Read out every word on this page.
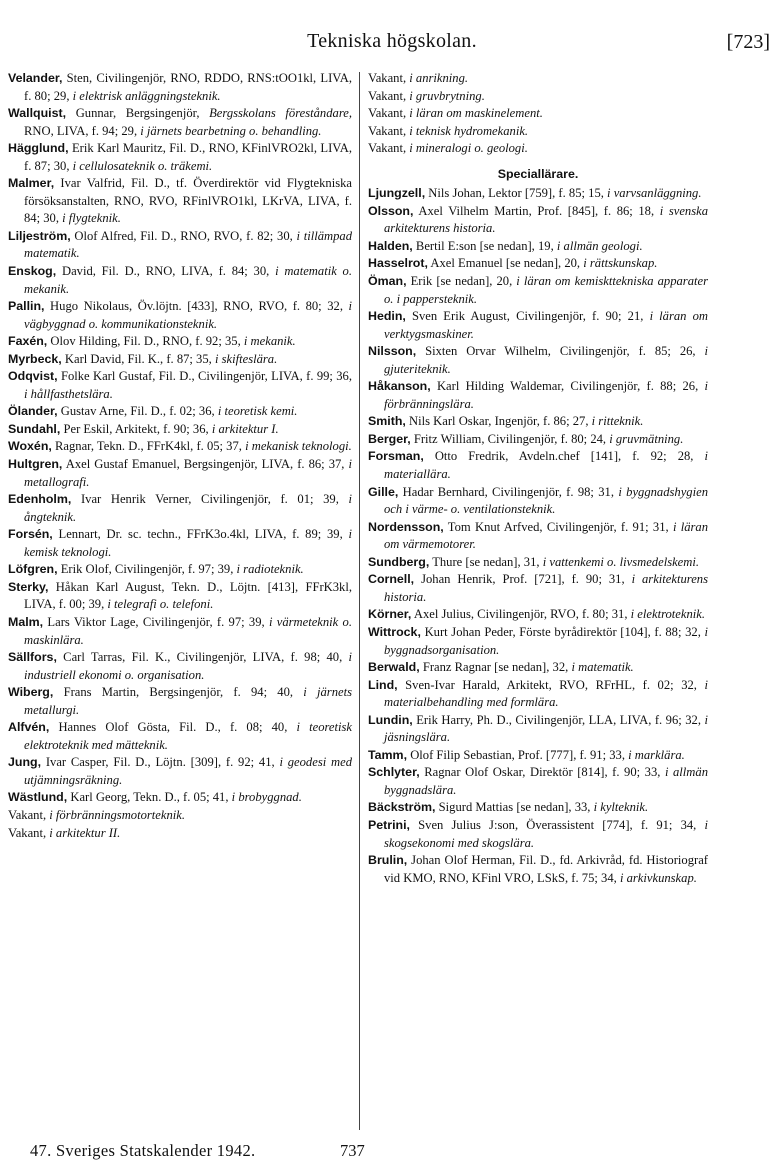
Tekniska högskolan.	[723]
Velander, Sten, Civilingenjör, RNO, RDDO, RNS:tOO1kl, LIVA, f. 80; 29, i elektrisk anläggningsteknik.
Wallquist, Gunnar, Bergsingenjör, Bergsskolans föreståndare, RNO, LIVA, f. 94; 29, i järnets bearbetning o. behandling.
Hägglund, Erik Karl Mauritz, Fil. D., RNO, KFinlVRO2kl, LIVA, f. 87; 30, i cellulosateknik o. träkemi.
Malmer, Ivar Valfrid, Fil. D., tf. Överdirektör vid Flygtekniska försöksanstalten, RNO, RVO, RFinlVRO1kl, LKrVA, LIVA, f. 84; 30, i flygteknik.
Liljeström, Olof Alfred, Fil. D., RNO, RVO, f. 82; 30, i tillämpad matematik.
Enskog, David, Fil. D., RNO, LIVA, f. 84; 30, i matematik o. mekanik.
Pallin, Hugo Nikolaus, Öv.löjtn. [433], RNO, RVO, f. 80; 32, i vägbyggnad o. kommunikationsteknik.
Faxén, Olov Hilding, Fil. D., RNO, f. 92; 35, i mekanik.
Myrbeck, Karl David, Fil. K., f. 87; 35, i skifteslära.
Odqvist, Folke Karl Gustaf, Fil. D., Civilingenjör, LIVA, f. 99; 36, i hållfasthetslära.
Ölander, Gustav Arne, Fil. D., f. 02; 36, i teoretisk kemi.
Sundahl, Per Eskil, Arkitekt, f. 90; 36, i arkitektur I.
Woxén, Ragnar, Tekn. D., FFrK4kl, f. 05; 37, i mekanisk teknologi.
Hultgren, Axel Gustaf Emanuel, Bergsingenjör, LIVA, f. 86; 37, i metallografi.
Edenholm, Ivar Henrik Verner, Civilingenjör, f. 01; 39, i ångteknik.
Forsén, Lennart, Dr. sc. techn., FFrK3o.4kl, LIVA, f. 89; 39, i kemisk teknologi.
Löfgren, Erik Olof, Civilingenjör, f. 97; 39, i radioteknik.
Sterky, Håkan Karl August, Tekn. D., Löjtn. [413], FFrK3kl, LIVA, f. 00; 39, i telegrafi o. telefoni.
Malm, Lars Viktor Lage, Civilingenjör, f. 97; 39, i värmeteknik o. maskinlära.
Sällfors, Carl Tarras, Fil. K., Civilingenjör, LIVA, f. 98; 40, i industriell ekonomi o. organisation.
Wiberg, Frans Martin, Bergsingenjör, f. 94; 40, i järnets metallurgi.
Alfvén, Hannes Olof Gösta, Fil. D., f. 08; 40, i teoretisk elektroteknik med mätteknik.
Jung, Ivar Casper, Fil. D., Löjtn. [309], f. 92; 41, i geodesi med utjämningsräkning.
Wästlund, Karl Georg, Tekn. D., f. 05; 41, i brobyggnad.
Vakant, i förbränningsmotorteknik.
Vakant, i arkitektur II.
Vakant, i anrikning.
Vakant, i gruvbrytning.
Vakant, i läran om maskinelement.
Vakant, i teknisk hydromekanik.
Vakant, i mineralogi o. geologi.
Speciallärare.
Ljungzell, Nils Johan, Lektor [759], f. 85; 15, i varvsanläggning.
Olsson, Axel Vilhelm Martin, Prof. [845], f. 86; 18, i svenska arkitekturens historia.
Halden, Bertil E:son [se nedan], 19, i allmän geologi.
Hasselrot, Axel Emanuel [se nedan], 20, i rättskunskap.
Öman, Erik [se nedan], 20, i läran om kemiskttekniska apparater o. i pappersteknik.
Hedin, Sven Erik August, Civilingenjör, f. 90; 21, i läran om verktygsmaskiner.
Nilsson, Sixten Orvar Wilhelm, Civilingenjör, f. 85; 26, i gjuteriteknik.
Håkanson, Karl Hilding Waldemar, Civilingenjör, f. 88; 26, i förbränningslära.
Smith, Nils Karl Oskar, Ingenjör, f. 86; 27, i ritteknik.
Berger, Fritz William, Civilingenjör, f. 80; 24, i gruvmätning.
Forsman, Otto Fredrik, Avdeln.chef [141], f. 92; 28, i materiallära.
Gille, Hadar Bernhard, Civilingenjör, f. 98; 31, i byggnadshygien och i värme- o. ventilationsteknik.
Nordensson, Tom Knut Arfved, Civilingenjör, f. 91; 31, i läran om värmemotorer.
Sundberg, Thure [se nedan], 31, i vattenkemi o. livsmedelskemi.
Cornell, Johan Henrik, Prof. [721], f. 90; 31, i arkitekturens historia.
Körner, Axel Julius, Civilingenjör, RVO, f. 80; 31, i elektroteknik.
Wittrock, Kurt Johan Peder, Förste byrådirektör [104], f. 88; 32, i byggnadsorganisation.
Berwald, Franz Ragnar [se nedan], 32, i matematik.
Lind, Sven-Ivar Harald, Arkitekt, RVO, RFrHL, f. 02; 32, i materialbehandling med formlära.
Lundin, Erik Harry, Ph. D., Civilingenjör, LLA, LIVA, f. 96; 32, i jäsningslära.
Tamm, Olof Filip Sebastian, Prof. [777], f. 91; 33, i marklära.
Schlyter, Ragnar Olof Oskar, Direktör [814], f. 90; 33, i allmän byggnadslära.
Bäckström, Sigurd Mattias [se nedan], 33, i kylteknik.
Petrini, Sven Julius J:son, Överassistent [774], f. 91; 34, i skogsekonomi med skogslära.
Brulin, Johan Olof Herman, Fil. D., fd. Arkivråd, fd. Historiograf vid KMO, RNO, KFinl VRO, LSkS, f. 75; 34, i arkivkunskap.
47. Sveriges Statskalender 1942.	737
